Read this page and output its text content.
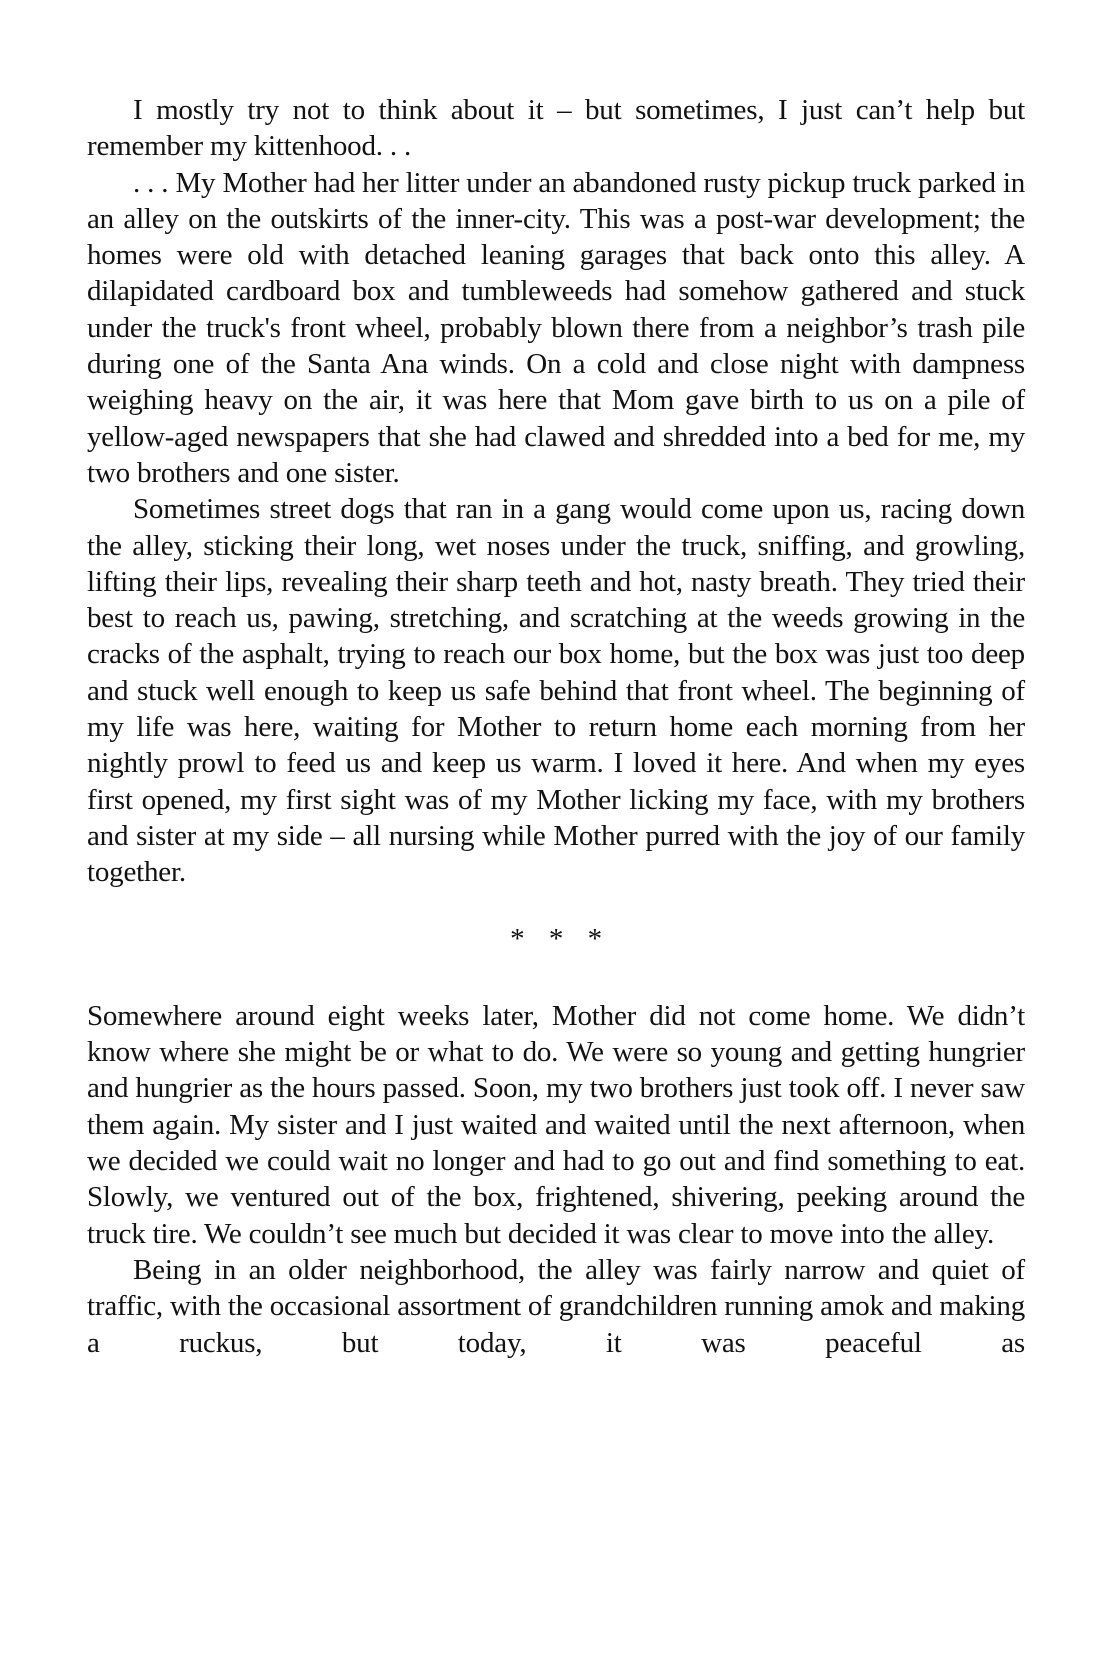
I mostly try not to think about it – but sometimes, I just can’t help but remember my kittenhood. . .

. . . My Mother had her litter under an abandoned rusty pickup truck parked in an alley on the outskirts of the inner-city. This was a post-war development; the homes were old with detached leaning garages that back onto this alley. A dilapidated cardboard box and tumbleweeds had somehow gathered and stuck under the truck's front wheel, probably blown there from a neighbor’s trash pile during one of the Santa Ana winds. On a cold and close night with dampness weighing heavy on the air, it was here that Mom gave birth to us on a pile of yellow-aged newspapers that she had clawed and shredded into a bed for me, my two brothers and one sister.

Sometimes street dogs that ran in a gang would come upon us, racing down the alley, sticking their long, wet noses under the truck, sniffing, and growling, lifting their lips, revealing their sharp teeth and hot, nasty breath. They tried their best to reach us, pawing, stretching, and scratching at the weeds growing in the cracks of the asphalt, trying to reach our box home, but the box was just too deep and stuck well enough to keep us safe behind that front wheel. The beginning of my life was here, waiting for Mother to return home each morning from her nightly prowl to feed us and keep us warm. I loved it here. And when my eyes first opened, my first sight was of my Mother licking my face, with my brothers and sister at my side – all nursing while Mother purred with the joy of our family together.

* * *

Somewhere around eight weeks later, Mother did not come home. We didn’t know where she might be or what to do. We were so young and getting hungrier and hungrier as the hours passed. Soon, my two brothers just took off. I never saw them again. My sister and I just waited and waited until the next afternoon, when we decided we could wait no longer and had to go out and find something to eat. Slowly, we ventured out of the box, frightened, shivering, peeking around the truck tire. We couldn’t see much but decided it was clear to move into the alley.

Being in an older neighborhood, the alley was fairly narrow and quiet of traffic, with the occasional assortment of grandchildren running amok and making a ruckus, but today, it was peaceful as
